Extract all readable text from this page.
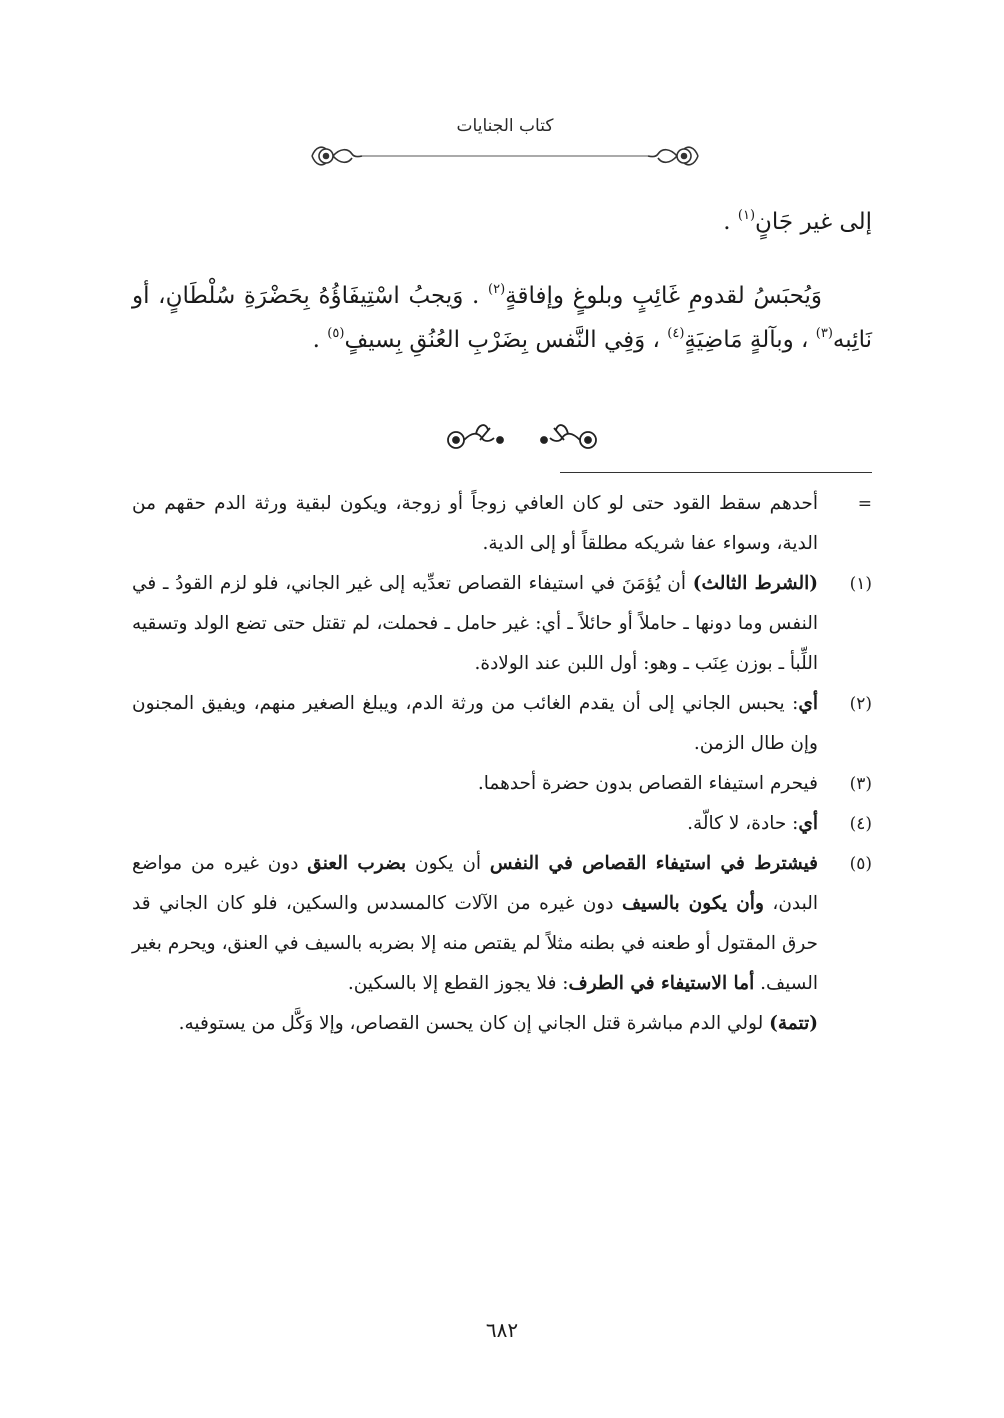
كتاب الجنايات

إلى غير جَانٍ$^{(١)}$ .

وَيُحبَسُ لقدومِ غَائِبٍ وبلوغٍ وإفاقةٍ$^{(٢)}$ . وَيجبُ اسْتِيفَاؤُهُ بِحَضْرَةِ سُلْطَانٍ، أو نَائِبه$^{(٣)}$ ، وبآلةٍ مَاضِيَةٍ$^{(٤)}$ ، وَفِي النَّفس بِضَرْبِ العُنُقِ بِسيفٍ$^{(٥)}$ .

=

أحدهم سقط القود حتى لو كان العافي زوجاً أو زوجة، ويكون لبقية ورثة الدم حقهم من الدية، وسواء عفا شريكه مطلقاً أو إلى الدية.

(١)

(الشرط الثالث) أن يُؤمَنَ في استيفاء القصاص تعدِّيه إلى غير الجاني، فلو لزم القودُ ـ في النفس وما دونها ـ حاملاً أو حائلاً ـ أي: غير حامل ـ فحملت، لم تقتل حتى تضع الولد وتسقيه اللِّبأ ـ بوزن عِنَب ـ وهو: أول اللبن عند الولادة.

(٢)

أي: يحبس الجاني إلى أن يقدم الغائب من ورثة الدم، ويبلغ الصغير منهم، ويفيق المجنون وإن طال الزمن.

(٣)

فيحرم استيفاء القصاص بدون حضرة أحدهما.

(٤)

أي: حادة، لا كالّة.

(٥)

فيشترط في استيفاء القصاص في النفس أن يكون بضرب العنق دون غيره من مواضع البدن، وأن يكون بالسيف دون غيره من الآلات كالمسدس والسكين، فلو كان الجاني قد حرق المقتول أو طعنه في بطنه مثلاً لم يقتص منه إلا بضربه بالسيف في العنق، ويحرم بغير السيف. أما الاستيفاء في الطرف: فلا يجوز القطع إلا بالسكين.

(تتمة) لولي الدم مباشرة قتل الجاني إن كان يحسن القصاص، وإلا وَكَّل من يستوفيه.

٦٨٢
